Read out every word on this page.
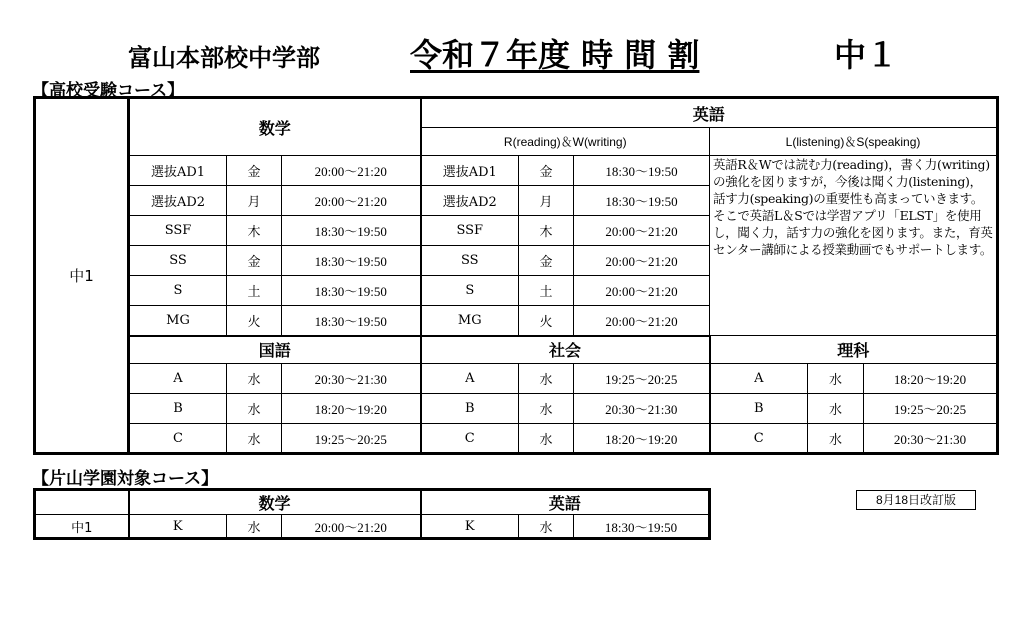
富山本部校中学部	令和７年度 時 間 割	中１
【高校受験コース】
中1	数学			英語					
				R(reading)＆W(writing)			L(listening)＆S(speaking)		
	選抜AD1	金	20:00～21:20	選抜AD1	金	18:30～19:50	英語R＆Wでは読む力(reading)，書く力(writing)の強化を図りますが，今後は聞く力(listening)，話す力(speaking)の重要性も高まっていきます。そこで英語L＆Sでは学習アプリ「ELST」を使用し，聞く力，話す力の強化を図ります。また，育英センター講師による授業動画でもサポートします。		
	選抜AD2	月	20:00～21:20	選抜AD2	月	18:30～19:50			
	SSF	木	18:30～19:50	SSF	木	20:00～21:20			
	SS	金	18:30～19:50	SS	金	20:00～21:20			
	S	土	18:30～19:50	S	土	20:00～21:20			
	MG	火	18:30～19:50	MG	火	20:00～21:20			
	国語			社会			理科		
	A	水	20:30～21:30	A	水	19:25～20:25	A	水	18:20～19:20
	B	水	18:20～19:20	B	水	20:30～21:30	B	水	19:25～20:25
	C	水	19:25～20:25	C	水	18:20～19:20	C	水	20:30～21:30
【片山学園対象コース】
8月18日改訂版
	数学			英語		
中1	K	水	20:00～21:20	K	水	18:30～19:50
